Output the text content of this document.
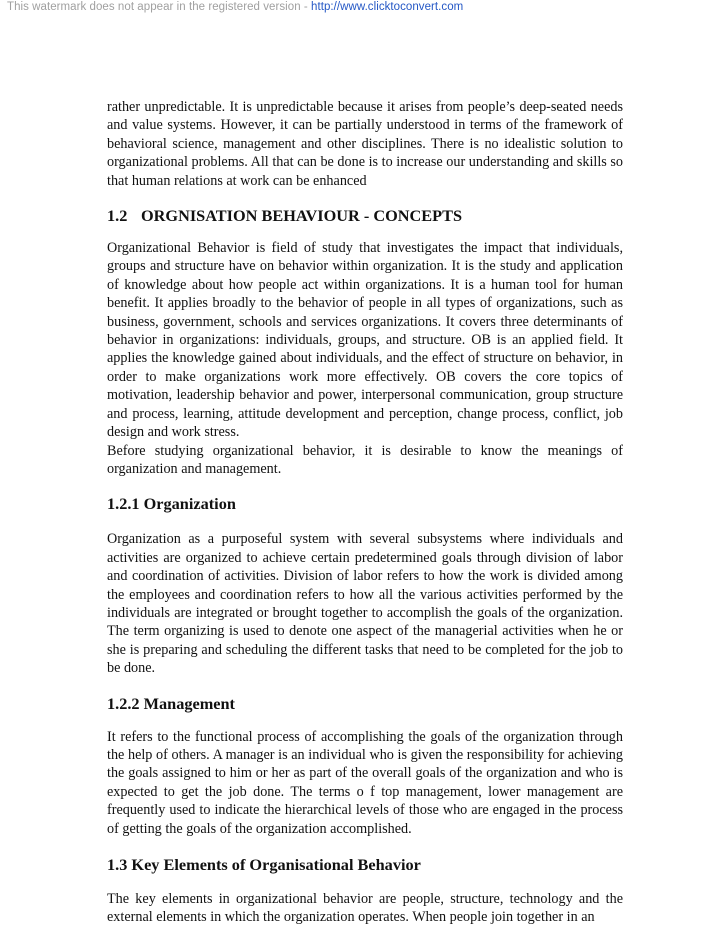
This watermark does not appear in the registered version - http://www.clicktoconvert.com

rather unpredictable. It is unpredictable because it arises from people’s deep-seated needs and value systems. However, it can be partially understood in terms of the framework of behavioral science, management and other disciplines. There is no idealistic solution to organizational problems. All that can be done is to increase our understanding and skills so that human relations at work can be enhanced

1.2 ORGNISATION BEHAVIOUR - CONCEPTS

Organizational Behavior is field of study that investigates the impact that individuals, groups and structure have on behavior within organization. It is the study and application of knowledge about how people act within organizations. It is a human tool for human benefit. It applies broadly to the behavior of people in all types of organizations, such as business, government, schools and services organizations. It covers three determinants of behavior in organizations: individuals, groups, and structure. OB is an applied field. It applies the knowledge gained about individuals, and the effect of structure on behavior, in order to make organizations work more effectively. OB covers the core topics of motivation, leadership behavior and power, interpersonal communication, group structure and process, learning, attitude development and perception, change process, conflict, job design and work stress.

Before studying organizational behavior, it is desirable to know the meanings of organization and management.

1.2.1 Organization

Organization as a purposeful system with several subsystems where individuals and activities are organized to achieve certain predetermined goals through division of labor and coordination of activities. Division of labor refers to how the work is divided among the employees and coordination refers to how all the various activities performed by the individuals are integrated or brought together to accomplish the goals of the organization. The term organizing is used to denote one aspect of the managerial activities when he or she is preparing and scheduling the different tasks that need to be completed for the job to be done.

1.2.2 Management

It refers to the functional process of accomplishing the goals of the organization through the help of others. A manager is an individual who is given the responsibility for achieving the goals assigned to him or her as part of the overall goals of the organization and who is expected to get the job done. The terms o f top management, lower management are frequently used to indicate the hierarchical levels of those who are engaged in the process of getting the goals of the organization accomplished.

1.3 Key Elements of Organisational Behavior

The key elements in organizational behavior are people, structure, technology and the external elements in which the organization operates. When people join together in an
